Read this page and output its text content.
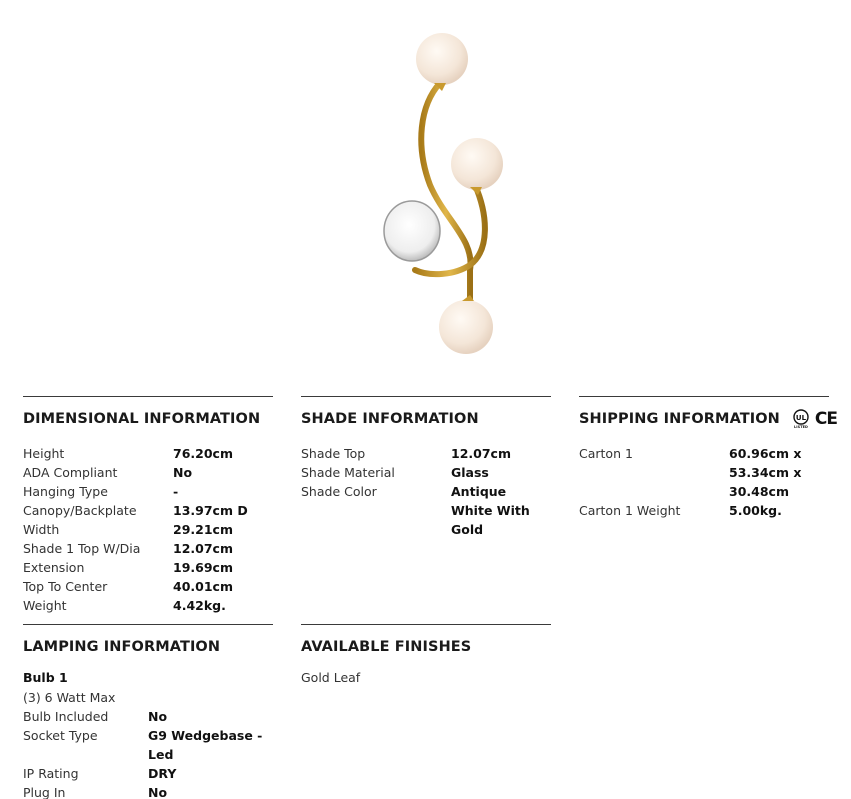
DIMENSIONAL INFORMATION
Height	76.20cm
ADA Compliant	No
Hanging Type	-
Canopy/Backplate	13.97cm D
Width	29.21cm
Shade 1 Top W/Dia	12.07cm
Extension	19.69cm
Top To Center	40.01cm
Weight	4.42kg.
SHADE INFORMATION
Shade Top	12.07cm
Shade Material	Glass
Shade Color	Antique White With Gold
SHIPPING INFORMATION UL
LISTED CE
Carton 1	60.96cm x 53.34cm x 30.48cm
Carton 1 Weight	5.00kg.
LAMPING INFORMATION
Bulb 1
(3) 6 Watt Max
Bulb Included	No
Socket Type	G9 Wedgebase - Led
IP Rating	DRY
Plug In	No
AVAILABLE FINISHES
Gold Leaf
